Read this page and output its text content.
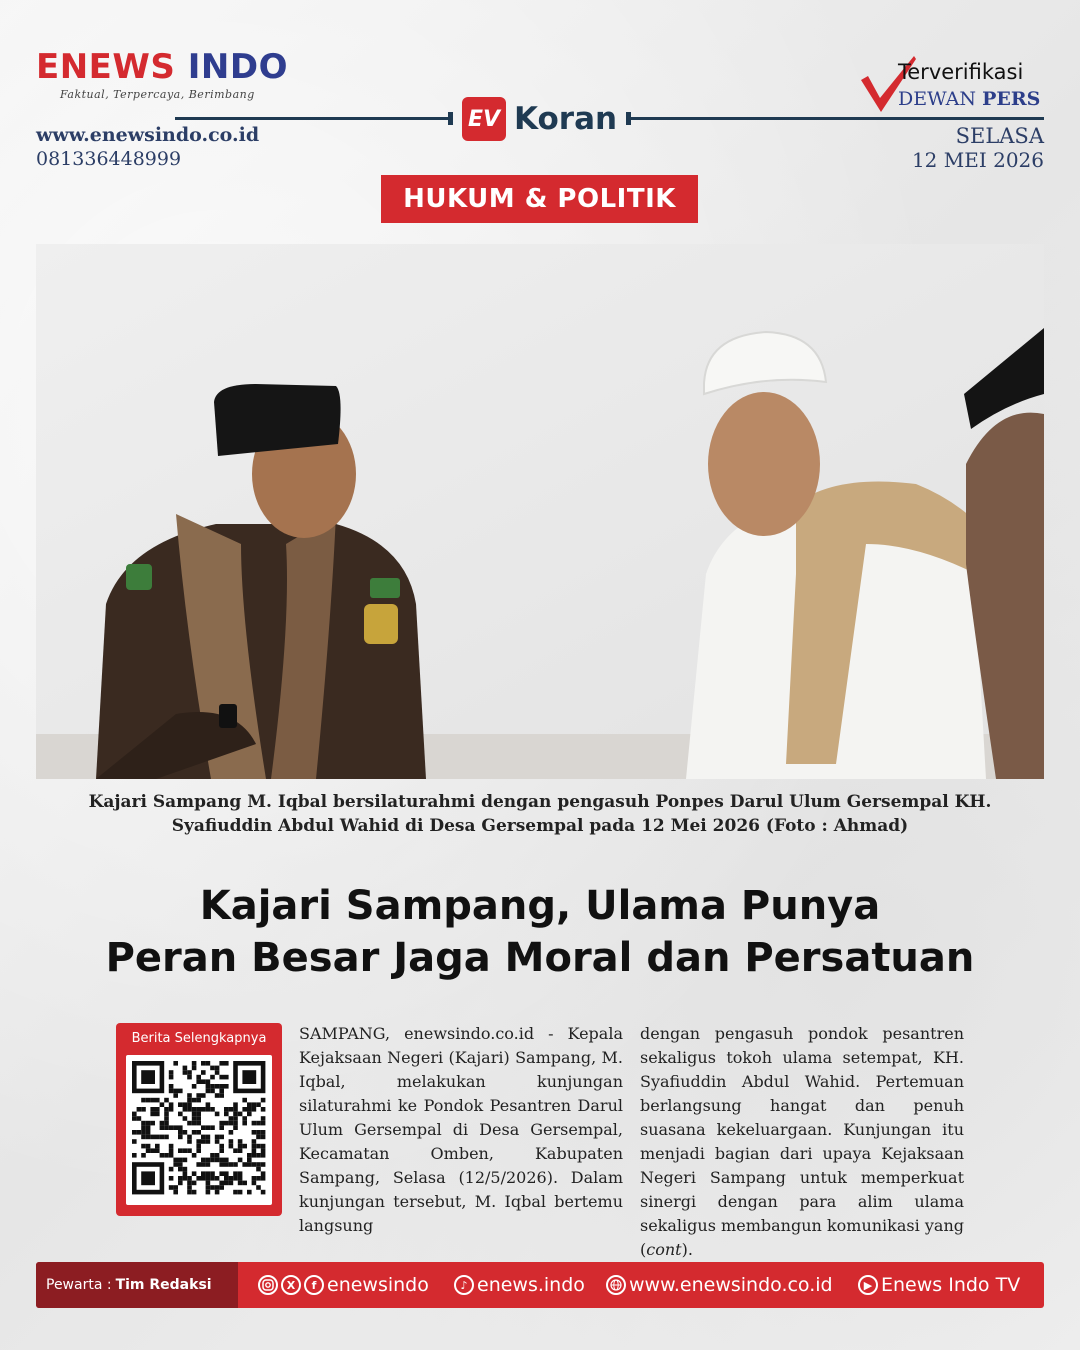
ENEWS INDO
Faktual, Terpercaya, Berimbang
www.enewsindo.co.id
081336448999
EV Koran
Terverifikasi
DEWAN PERS
SELASA
12 MEI 2026
HUKUM & POLITIK
Kajari Sampang M. Iqbal bersilaturahmi dengan pengasuh Ponpes Darul Ulum Gersempal KH. Syafiuddin Abdul Wahid di Desa Gersempal pada 12 Mei 2026 (Foto : Ahmad)
Kajari Sampang, Ulama Punya
Peran Besar Jaga Moral dan Persatuan
Berita Selengkapnya	SAMPANG, enewsindo.co.id - Kepala Kejaksaan Negeri (Kajari) Sampang, M. Iqbal, melakukan kunjungan silaturahmi ke Pondok Pesantren Darul Ulum Gersempal di Desa Gersempal, Kecamatan Omben, Kabupaten Sampang, Selasa (12/5/2026). Dalam kunjungan tersebut, M. Iqbal bertemu langsung
dengan pengasuh pondok pesantren sekaligus tokoh ulama setempat, KH. Syafiuddin Abdul Wahid. Pertemuan berlangsung hangat dan penuh suasana kekeluargaan. Kunjungan itu menjadi bagian dari upaya Kejaksaan Negeri Sampang untuk memperkuat sinergi dengan para alim ulama sekaligus membangun komunikasi yang (cont).
Pewarta : Tim Redaksi	X	f enewsindo	♪ enews.indo www.enewsindo.co.id	▶ Enews Indo TV
